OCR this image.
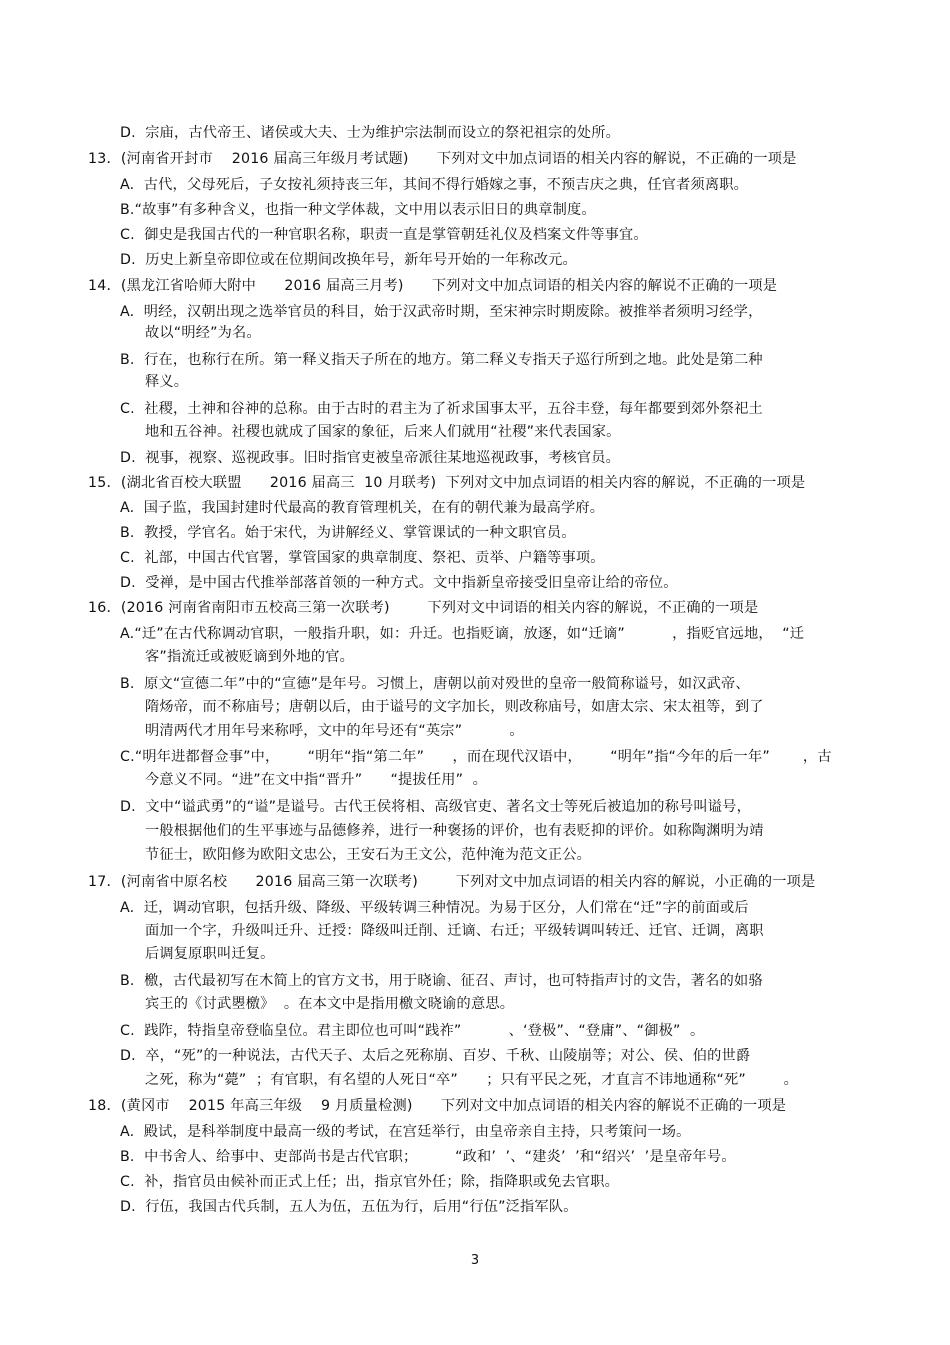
D.  宗庙，古代帝王、诸侯或大夫、士为维护宗法制而设立的祭祀祖宗的处所。
13．(河南省开封市    2016 届高三年级月考试题)      下列对文中加点词语的相关内容的解说，不正确的一项是
A.  古代，父母死后，子女按礼须持丧三年，其间不得行婚嫁之事，不预吉庆之典，任官者须离职。
B.“故事”有多种含义，也指一种文学体裁，文中用以表示旧日的典章制度。
C.  御史是我国古代的一种官职名称，职责一直是掌管朝廷礼仪及档案文件等事宜。
D.  历史上新皇帝即位或在位期间改换年号，新年号开始的一年称改元。
14．(黑龙江省哈师大附中      2016 届高三月考)      下列对文中加点词语的相关内容的解说不正确的一项是
A.  明经，汉朝出现之选举官员的科目，始于汉武帝时期，至宋神宗时期废除。被推举者须明习经学，
故以“明经”为名。
B.  行在，也称行在所。第一释义指天子所在的地方。第二释义专指天子巡行所到之地。此处是第二种
释义。
C.  社稷，土神和谷神的总称。由于古时的君主为了祈求国事太平，五谷丰登，每年都要到郊外祭祀土
地和五谷神。社稷也就成了国家的象征，后来人们就用“社稷”来代表国家。
D.  视事，视察、巡视政事。旧时指官吏被皇帝派往某地巡视政事，考核官员。
15．(湖北省百校大联盟      2016 届高三  10 月联考)  下列对文中加点词语的相关内容的解说，不正确的一项是
A.  国子监，我国封建时代最高的教育管理机关，在有的朝代兼为最高学府。
B.  教授，学官名。始于宋代，为讲解经义、掌管课试的一种文职官员。
C.  礼部，中国古代官署，掌管国家的典章制度、祭祀、贡举、户籍等事项。
D.  受禅，是中国古代推举部落首领的一种方式。文中指新皇帝接受旧皇帝让给的帝位。
16．(2016 河南省南阳市五校高三第一次联考)        下列对文中词语的相关内容的解说，不正确的一项是
A.“迁”在古代称调动官职，一般指升职，如：升迁。也指贬谪，放逐，如“迁谪”          ，指贬官远地，  “迁
客”指流迁或被贬谪到外地的官。
B.  原文“宣德二年”中的“宣德”是年号。习惯上，唐朝以前对殁世的皇帝一般简称谥号，如汉武帝、
隋炀帝，而不称庙号；唐朝以后，由于谥号的文字加长，则改称庙号，如唐太宗、宋太祖等，到了
明清两代才用年号来称呼，文中的年号还有“英宗”          。
C.“明年进都督佥事”中，      “明年“指“第二年”      ，而在现代汉语中，      “明年”指“今年的后一年”       ，古
今意义不同。“进”在文中指“晋升”      “提拔任用”  。
D.  文中“谥武勇”的“谥”是谥号。古代王侯将相、高级官吏、著名文士等死后被追加的称号叫谥号，
一般根据他们的生平事迹与品德修养，进行一种褒扬的评价，也有表贬抑的评价。如称陶渊明为靖
节征士，欧阳修为欧阳文忠公，王安石为王文公，范仲淹为范文正公。
17．(河南省中原名校      2016 届高三第一次联考)        下列对文中加点词语的相关内容的解说，小正确的一项是
A.  迁，调动官职，包括升级、降级、平级转调三种情况。为易于区分，人们常在“迁”字的前面或后
面加一个字，升级叫迁升、迁授：降级叫迁削、迁谪、右迁；平级转调叫转迁、迁官、迁调，离职
后调复原职叫迁复。
B.  檄，古代最初写在木简上的官方文书，用于晓谕、征召、声讨，也可特指声讨的文告，著名的如骆
宾王的《讨武瞾檄》  。在本文中是指用檄文晓谕的意思。
C.  践阼，特指皇帝登临皇位。君主即位也可叫“践祚”          、‘登极”、“登庸”、“御极”  。
D.  卒，“死”的一种说法，古代天子、太后之死称崩、百岁、千秋、山陵崩等；对公、侯、伯的世爵
之死，称为“薨”  ；有官职，有名望的人死日“卒”      ；只有平民之死，才直言不讳地通称“死”        。
18．(黄冈市    2015 年高三年级    9 月质量检测)      下列对文中加点词语的相关内容的解说不正确的一项是
A.  殿试，是科举制度中最高一级的考试，在宫廷举行，由皇帝亲自主持，只考策问一场。
B.  中书舍人、给事中、吏部尚书是古代官职；        “政和’  ’、“建炎’  ’和“绍兴’  ’是皇帝年号。
C.  补，指官员由候补而正式上任；出，指京官外任；除，指降职或免去官职。
D.  行伍，我国古代兵制，五人为伍，五伍为行，后用“行伍”泛指军队。
3
